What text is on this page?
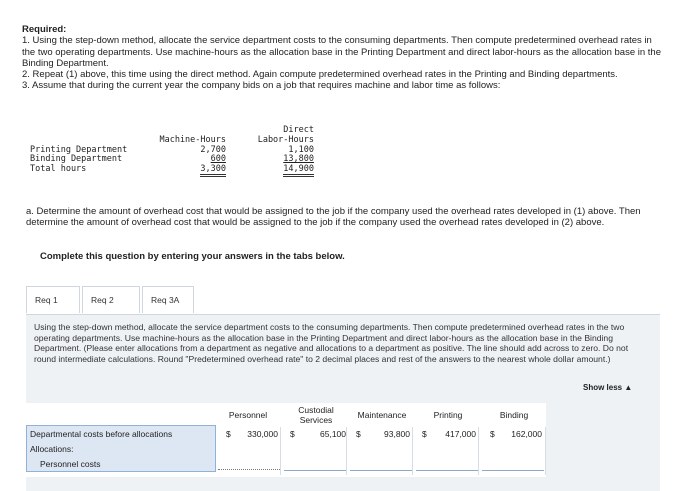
Required:
1. Using the step-down method, allocate the service department costs to the consuming departments. Then compute predetermined overhead rates in the two operating departments. Use machine-hours as the allocation base in the Printing Department and direct labor-hours as the allocation base in the Binding Department.
2. Repeat (1) above, this time using the direct method. Again compute predetermined overhead rates in the Printing and Binding departments.
3. Assume that during the current year the company bids on a job that requires machine and labor time as follows:
Direct
Machine-Hours	Labor-Hours
Printing Department	2,700	1,100
Binding Department	600	13,800
Total hours	3,300	14,900
a. Determine the amount of overhead cost that would be assigned to the job if the company used the overhead rates developed in (1) above. Then determine the amount of overhead cost that would be assigned to the job if the company used the overhead rates developed in (2) above.
Complete this question by entering your answers in the tabs below.
Req 1	Req 2	Req 3A
Using the step-down method, allocate the service department costs to the consuming departments. Then compute predetermined overhead rates in the two operating departments. Use machine-hours as the allocation base in the Printing Department and direct labor-hours as the allocation base in the Binding Department. (Please enter allocations from a department as negative and allocations to a department as positive. The line should add across to zero. Do not round intermediate calculations. Round "Predetermined overhead rate" to 2 decimal places and rest of the answers to the nearest whole dollar amount.)
Show less ▲
Personnel	Custodial Services	Maintenance	Printing	Binding
Departmental costs before allocations	$	330,000 $	65,100 $	93,800 $	417,000 $	162,000
Allocations:
Personnel costs
